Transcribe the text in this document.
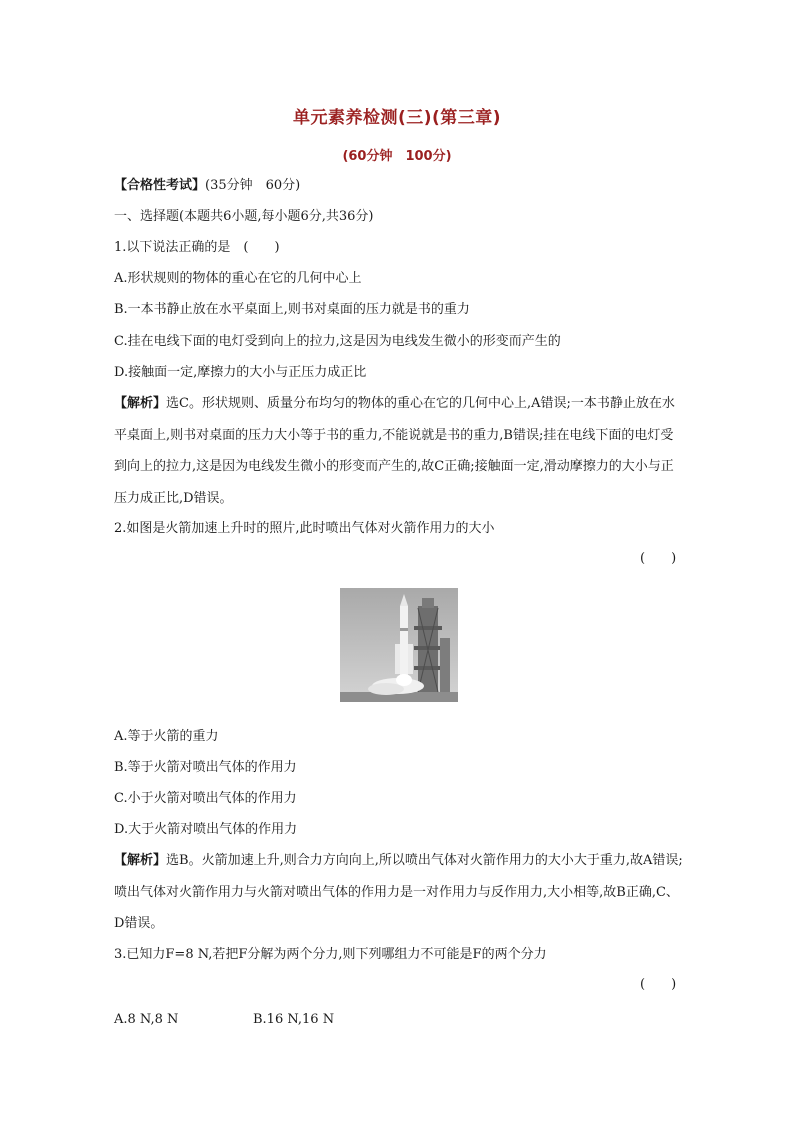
单元素养检测(三)(第三章)
(60分钟　100分)
【合格性考试】(35分钟　60分)
一、选择题(本题共6小题,每小题6分,共36分)
1.以下说法正确的是　(　　)
A.形状规则的物体的重心在它的几何中心上
B.一本书静止放在水平桌面上,则书对桌面的压力就是书的重力
C.挂在电线下面的电灯受到向上的拉力,这是因为电线发生微小的形变而产生的
D.接触面一定,摩擦力的大小与正压力成正比
【解析】选C。形状规则、质量分布均匀的物体的重心在它的几何中心上,A错误;一本书静止放在水平桌面上,则书对桌面的压力大小等于书的重力,不能说就是书的重力,B错误;挂在电线下面的电灯受到向上的拉力,这是因为电线发生微小的形变而产生的,故C正确;接触面一定,滑动摩擦力的大小与正压力成正比,D错误。
2.如图是火箭加速上升时的照片,此时喷出气体对火箭作用力的大小
(　　)
A.等于火箭的重力
B.等于火箭对喷出气体的作用力
C.小于火箭对喷出气体的作用力
D.大于火箭对喷出气体的作用力
【解析】选B。火箭加速上升,则合力方向向上,所以喷出气体对火箭作用力的大小大于重力,故A错误;喷出气体对火箭作用力与火箭对喷出气体的作用力是一对作用力与反作用力,大小相等,故B正确,C、D错误。
3.已知力F=8 N,若把F分解为两个分力,则下列哪组力不可能是F的两个分力
(　　)
A.8 N,8 N	B.16 N,16 N
